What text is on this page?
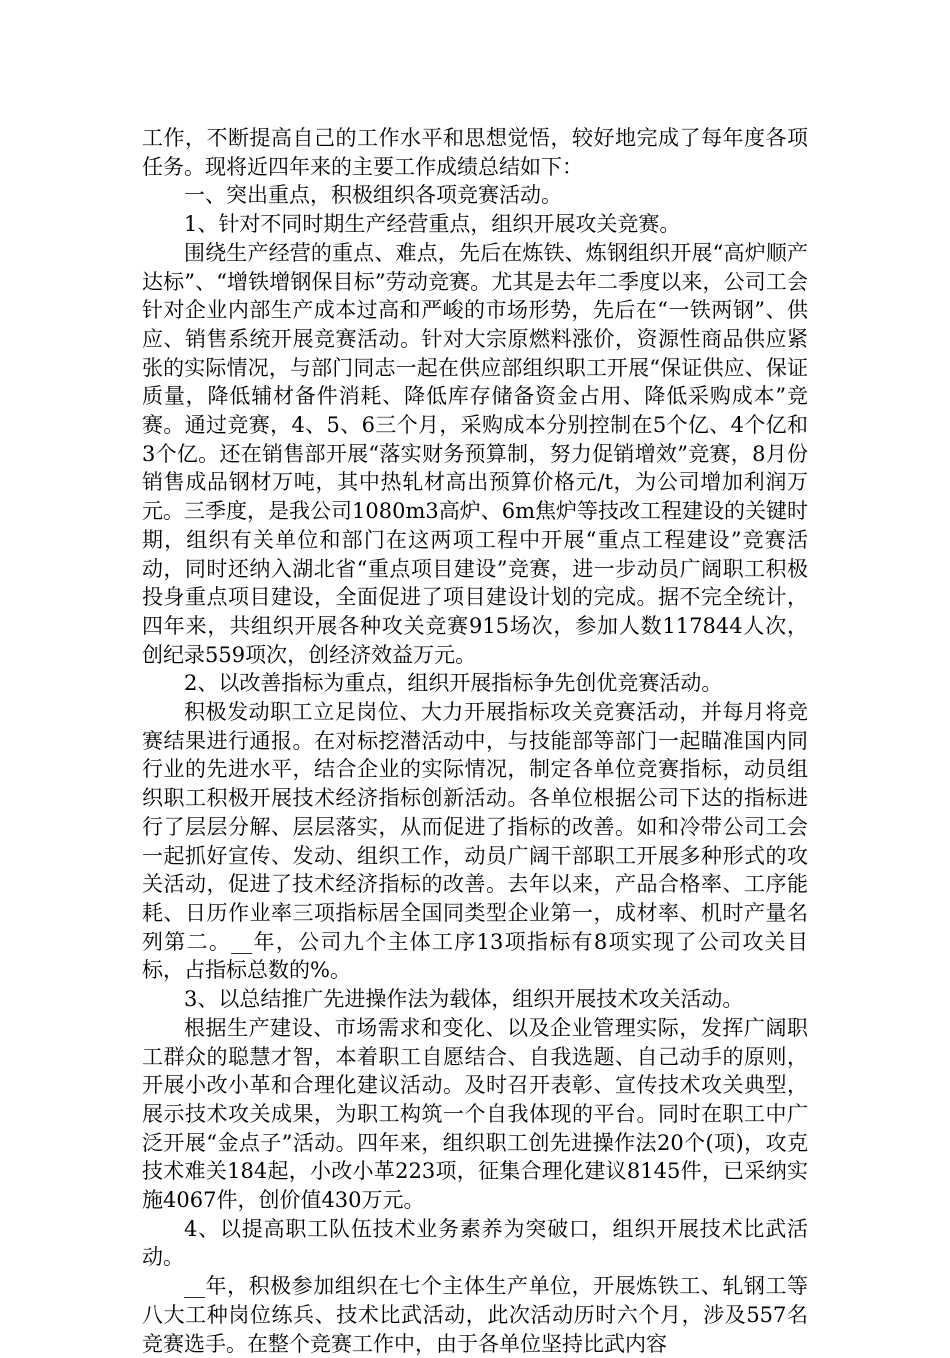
工作，不断提高自己的工作水平和思想觉悟，较好地完成了每年度各项任务。现将近四年来的主要工作成绩总结如下：

一、突出重点，积极组织各项竞赛活动。

1、针对不同时期生产经营重点，组织开展攻关竞赛。

围绕生产经营的重点、难点，先后在炼铁、炼钢组织开展“高炉顺产达标”、“增铁增钢保目标”劳动竞赛。尤其是去年二季度以来，公司工会针对企业内部生产成本过高和严峻的市场形势，先后在“一铁两钢”、供应、销售系统开展竞赛活动。针对大宗原燃料涨价，资源性商品供应紧张的实际情况，与部门同志一起在供应部组织职工开展“保证供应、保证质量，降低辅材备件消耗、降低库存储备资金占用、降低采购成本”竞赛。通过竞赛，4、5、6三个月，采购成本分别控制在5个亿、4个亿和3个亿。还在销售部开展“落实财务预算制，努力促销增效”竞赛，8月份销售成品钢材万吨，其中热轧材高出预算价格元/t，为公司增加利润万元。三季度，是我公司1080m3高炉、6m焦炉等技改工程建设的关键时期，组织有关单位和部门在这两项工程中开展“重点工程建设”竞赛活动，同时还纳入湖北省“重点项目建设”竞赛，进一步动员广阔职工积极投身重点项目建设，全面促进了项目建设计划的完成。据不完全统计，四年来，共组织开展各种攻关竞赛915场次，参加人数117844人次，创纪录559项次，创经济效益万元。

2、以改善指标为重点，组织开展指标争先创优竞赛活动。

积极发动职工立足岗位、大力开展指标攻关竞赛活动，并每月将竞赛结果进行通报。在对标挖潜活动中，与技能部等部门一起瞄准国内同行业的先进水平，结合企业的实际情况，制定各单位竞赛指标，动员组织职工积极开展技术经济指标创新活动。各单位根据公司下达的指标进行了层层分解、层层落实，从而促进了指标的改善。如和冷带公司工会一起抓好宣传、发动、组织工作，动员广阔干部职工开展多种形式的攻关活动，促进了技术经济指标的改善。去年以来，产品合格率、工序能耗、日历作业率三项指标居全国同类型企业第一，成材率、机时产量名列第二。__年，公司九个主体工序13项指标有8项实现了公司攻关目标，占指标总数的%。

3、以总结推广先进操作法为载体，组织开展技术攻关活动。

根据生产建设、市场需求和变化、以及企业管理实际，发挥广阔职工群众的聪慧才智，本着职工自愿结合、自我选题、自己动手的原则，开展小改小革和合理化建议活动。及时召开表彰、宣传技术攻关典型，展示技术攻关成果，为职工构筑一个自我体现的平台。同时在职工中广泛开展“金点子”活动。四年来，组织职工创先进操作法20个(项)，攻克技术难关184起，小改小革223项，征集合理化建议8145件，已采纳实施4067件，创价值430万元。

4、以提高职工队伍技术业务素养为突破口，组织开展技术比武活动。

__年，积极参加组织在七个主体生产单位，开展炼铁工、轧钢工等八大工种岗位练兵、技术比武活动，此次活动历时六个月，涉及557名竞赛选手。在整个竞赛工作中，由于各单位坚持比武内容
